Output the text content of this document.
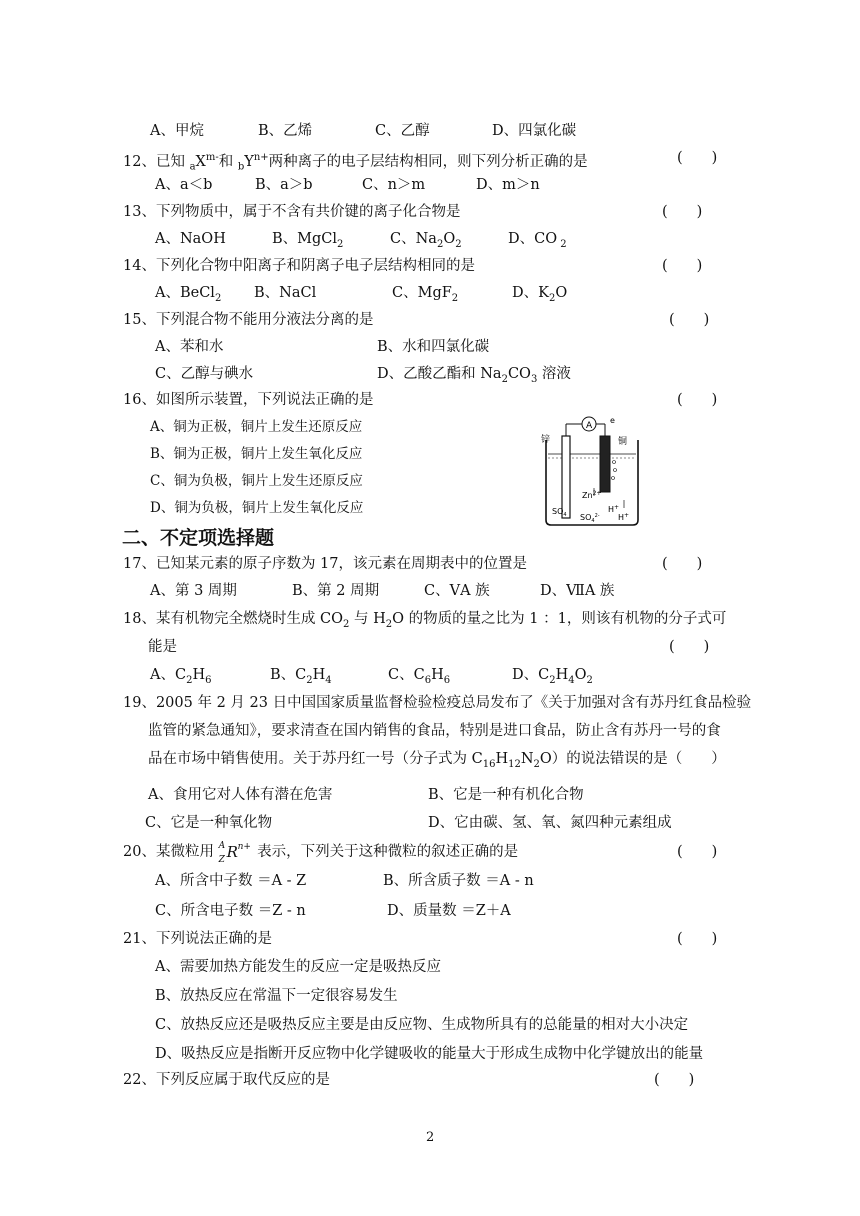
A、甲烷	B、乙烯	C、乙醇	D、四氯化碳
12、已知 $_aX^{m-}$和 $_bY^{n+}$两种离子的电子层结构相同，则下列分析正确的是	(　　)
A、a＜b	B、a＞b	C、n＞m	D、m＞n
13、下列物质中，属于不含有共价键的离子化合物是	(　　)
A、NaOH	B、MgCl$_2$	C、$Na_2O_2$	D、CO $_2$
14、下列化合物中阳离子和阴离子电子层结构相同的是	(　　)
A、BeCl$_2$ B、NaCl	C、MgF$_2$	D、$K_2O$
15、下列混合物不能用分液法分离的是	(　　)
A、苯和水	B、水和四氯化碳
C、乙醇与碘水	D、乙酸乙酯和 $Na_2CO_3$ 溶液
16、如图所示装置，下列说法正确的是	(　　)
A、铜为正极，铜片上发生还原反应
B、铜为正极，铜片上发生氧化反应
C、铜为负极，铜片上发生还原反应
D、铜为负极，铜片上发生氧化反应
A
e
锌	铜
$Zn^{2+}$
H+
$SO_4$ $SO_4^{2-}$ H+
二、不定项选择题
17、已知某元素的原子序数为 17，该元素在周期表中的位置是	(　　)
A、第 3 周期	B、第 2 周期	C、ⅤA 族	D、ⅦA 族
18、某有机物完全燃烧时生成 $CO_2$ 与 $H_2O$ 的物质的量之比为 1 ：1，则该有机物的分子式可
能是	(　　)
A、$C_2H_6$	B、$C_2H_4$	C、$C_6H_6$	D、$C_2H_4O_2$
19、2005 年 2 月 23 日中国国家质量监督检验检疫总局发布了《关于加强对含有苏丹红食品检验
监管的紧急通知》，要求清查在国内销售的食品，特别是进口食品，防止含有苏丹一号的食
品在市场中销售使用。关于苏丹红一号（分子式为 $C_{16}H_{12}N_2O$）的说法错误的是（　　）
A、食用它对人体有潜在危害	B、它是一种有机化合物
C、它是一种氧化物	D、它由碳、氢、氧、氮四种元素组成
20、某微粒用 A
Z R n+ 表示，下列关于这种微粒的叙述正确的是	(　　)
A、所含中子数 ＝A - Z	B、所含质子数 ＝A - n
C、所含电子数 ＝Z - n	D、质量数 ＝Z＋A
21、下列说法正确的是	(　　)
A、需要加热方能发生的反应一定是吸热反应
B、放热反应在常温下一定很容易发生
C、放热反应还是吸热反应主要是由反应物、生成物所具有的总能量的相对大小决定
D、吸热反应是指断开反应物中化学键吸收的能量大于形成生成物中化学键放出的能量
22、下列反应属于取代反应的是	(　　)
2
